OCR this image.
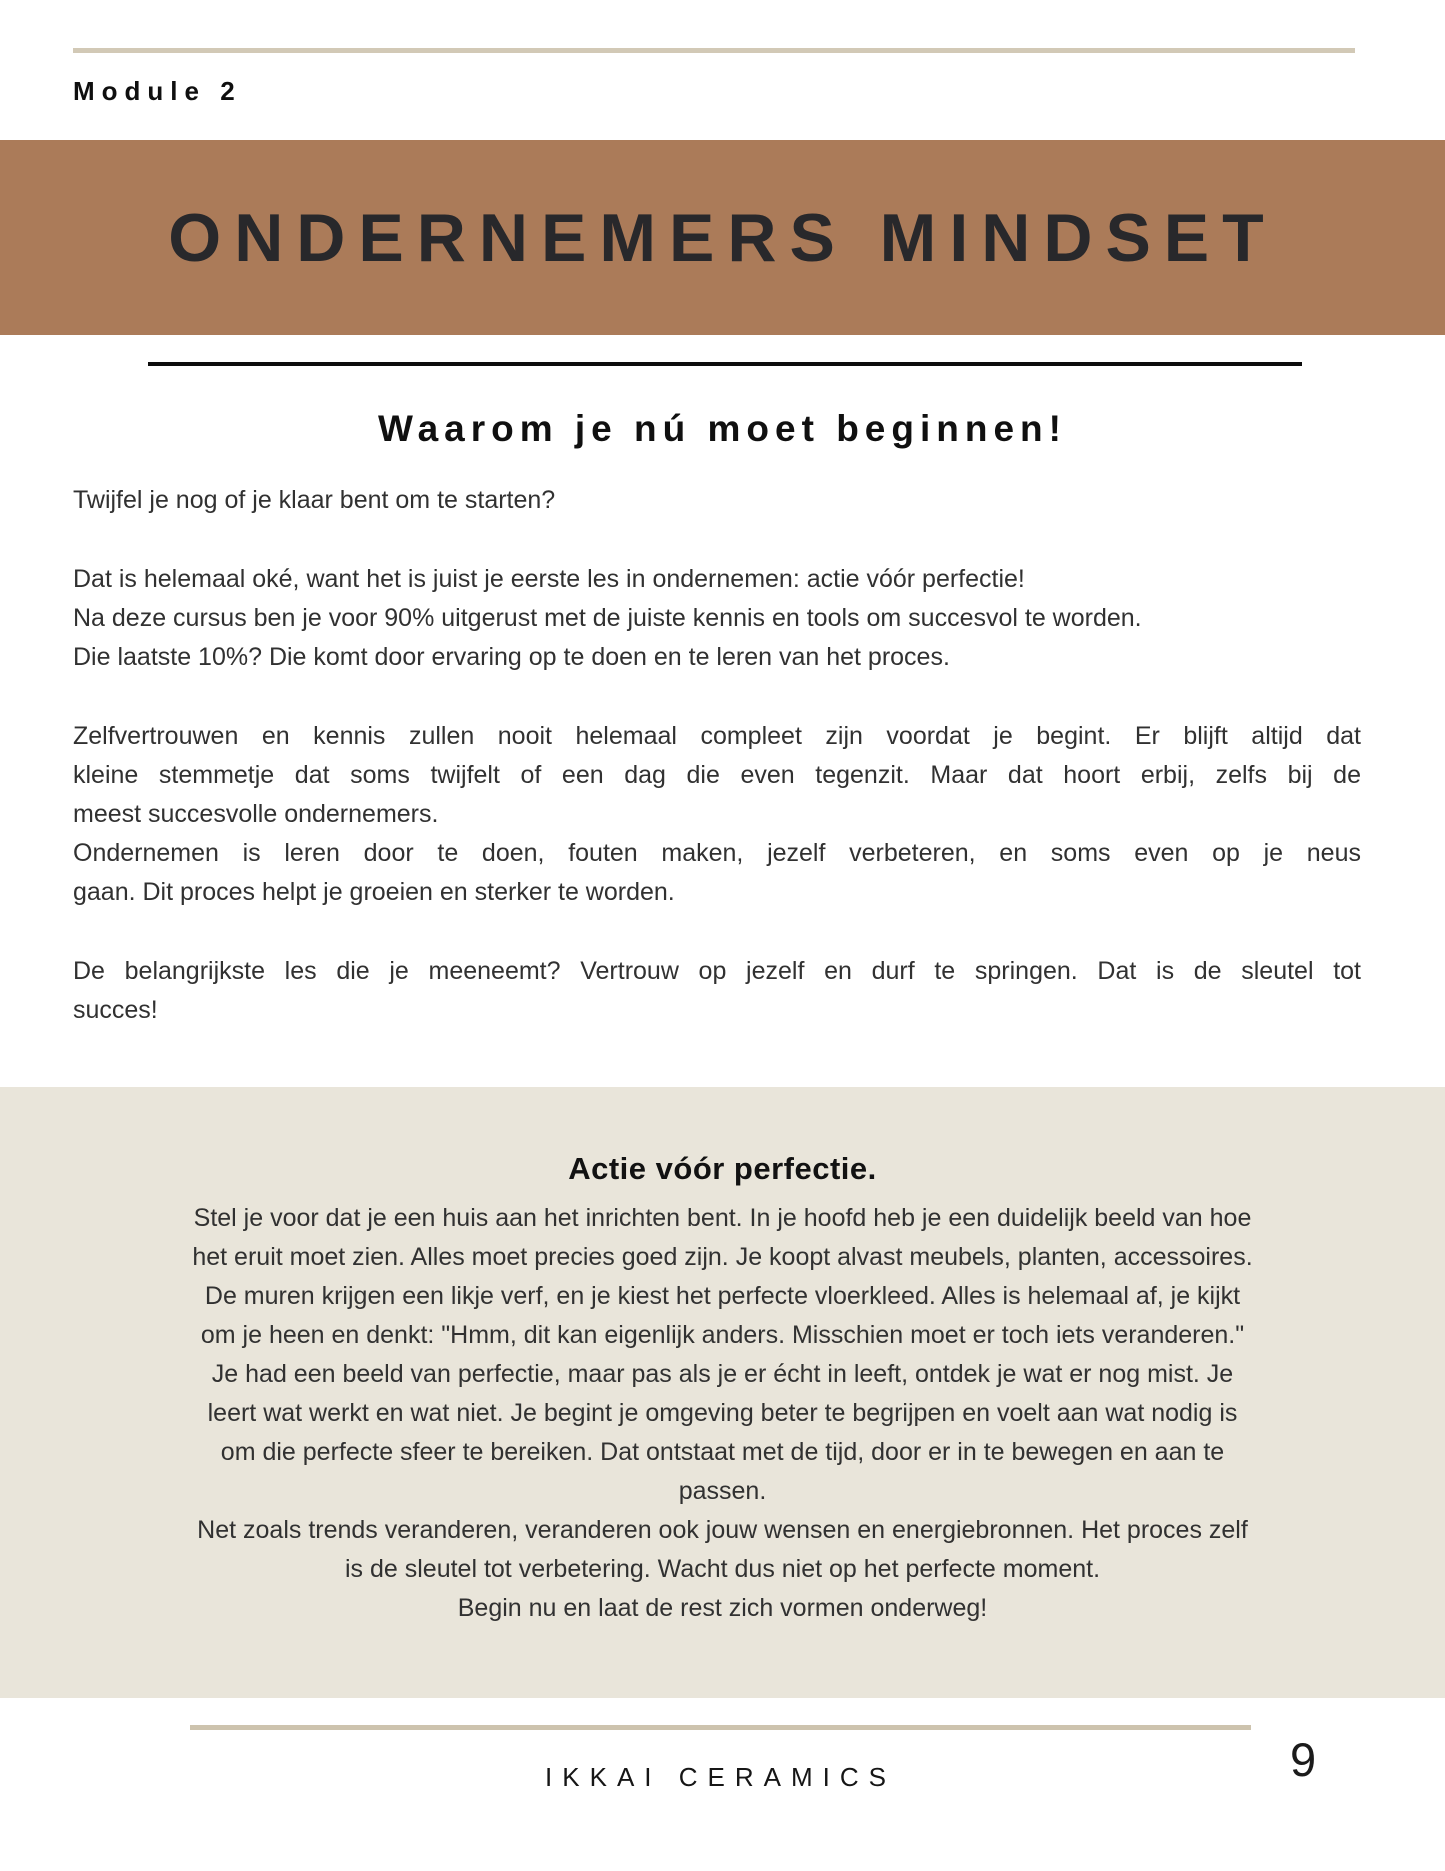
Module 2
ONDERNEMERS MINDSET
Waarom je nú moet beginnen!
Twijfel je nog of je klaar bent om te starten?
Dat is helemaal oké, want het is juist je eerste les in ondernemen: actie vóór perfectie!
Na deze cursus ben je voor 90% uitgerust met de juiste kennis en tools om succesvol te worden.
Die laatste 10%? Die komt door ervaring op te doen en te leren van het proces.
Zelfvertrouwen en kennis zullen nooit helemaal compleet zijn voordat je begint. Er blijft altijd dat
kleine stemmetje dat soms twijfelt of een dag die even tegenzit. Maar dat hoort erbij, zelfs bij de
meest succesvolle ondernemers.
Ondernemen is leren door te doen, fouten maken, jezelf verbeteren, en soms even op je neus
gaan. Dit proces helpt je groeien en sterker te worden.
De belangrijkste les die je meeneemt? Vertrouw op jezelf en durf te springen. Dat is de sleutel tot
succes!
Actie vóór perfectie.
Stel je voor dat je een huis aan het inrichten bent. In je hoofd heb je een duidelijk beeld van hoe
het eruit moet zien. Alles moet precies goed zijn. Je koopt alvast meubels, planten, accessoires.
De muren krijgen een likje verf, en je kiest het perfecte vloerkleed. Alles is helemaal af, je kijkt
om je heen en denkt: "Hmm, dit kan eigenlijk anders. Misschien moet er toch iets veranderen."
Je had een beeld van perfectie, maar pas als je er écht in leeft, ontdek je wat er nog mist. Je
leert wat werkt en wat niet. Je begint je omgeving beter te begrijpen en voelt aan wat nodig is
om die perfecte sfeer te bereiken. Dat ontstaat met de tijd, door er in te bewegen en aan te
passen.
Net zoals trends veranderen, veranderen ook jouw wensen en energiebronnen. Het proces zelf
is de sleutel tot verbetering. Wacht dus niet op het perfecte moment.
Begin nu en laat de rest zich vormen onderweg!
9
IKKAI CERAMICS
